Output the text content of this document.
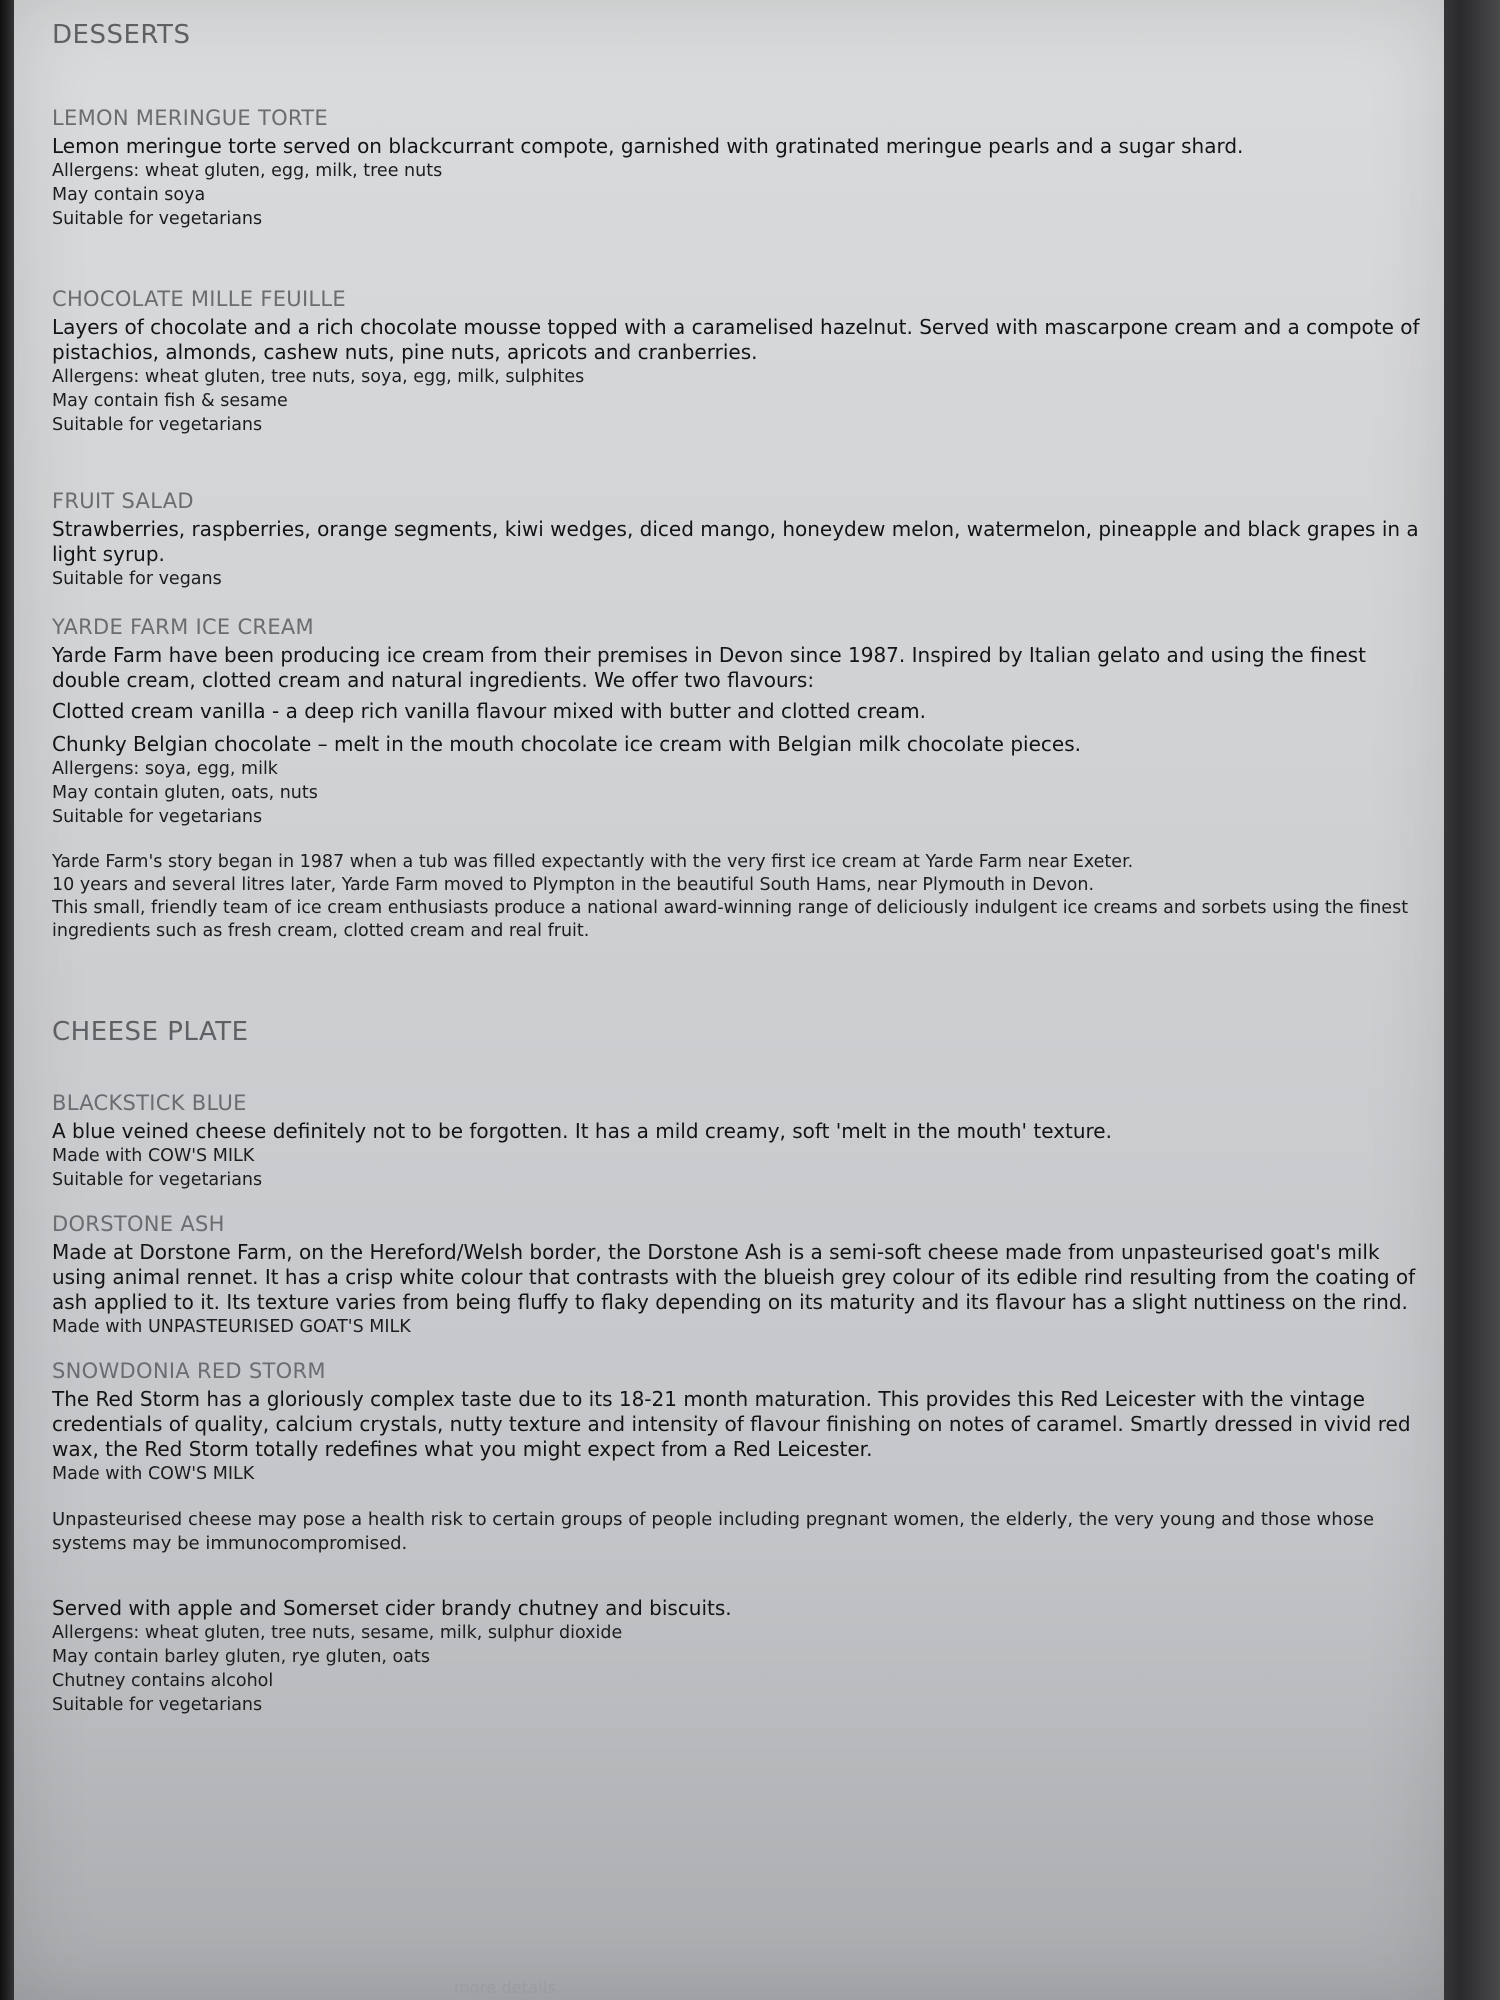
DESSERTS
LEMON MERINGUE TORTE

Lemon meringue torte served on blackcurrant compote, garnished with gratinated meringue pearls and a sugar shard.

Allergens: wheat gluten, egg, milk, tree nuts

May contain soya

Suitable for vegetarians

CHOCOLATE MILLE FEUILLE

Layers of chocolate and a rich chocolate mousse topped with a caramelised hazelnut. Served with mascarpone cream and a compote of pistachios, almonds, cashew nuts, pine nuts, apricots and cranberries.

Allergens: wheat gluten, tree nuts, soya, egg, milk, sulphites

May contain fish & sesame

Suitable for vegetarians

FRUIT SALAD

Strawberries, raspberries, orange segments, kiwi wedges, diced mango, honeydew melon, watermelon, pineapple and black grapes in a light syrup.

Suitable for vegans

YARDE FARM ICE CREAM

Yarde Farm have been producing ice cream from their premises in Devon since 1987. Inspired by Italian gelato and using the finest double cream, clotted cream and natural ingredients. We offer two flavours:

Clotted cream vanilla - a deep rich vanilla flavour mixed with butter and clotted cream.

Chunky Belgian chocolate – melt in the mouth chocolate ice cream with Belgian milk chocolate pieces.

Allergens: soya, egg, milk

May contain gluten, oats, nuts

Suitable for vegetarians

Yarde Farm's story began in 1987 when a tub was filled expectantly with the very first ice cream at Yarde Farm near Exeter.

10 years and several litres later, Yarde Farm moved to Plympton in the beautiful South Hams, near Plymouth in Devon.

This small, friendly team of ice cream enthusiasts produce a national award-winning range of deliciously indulgent ice creams and sorbets using the finest ingredients such as fresh cream, clotted cream and real fruit.

CHEESE PLATE
BLACKSTICK BLUE

A blue veined cheese definitely not to be forgotten. It has a mild creamy, soft 'melt in the mouth' texture.

Made with COW'S MILK

Suitable for vegetarians

DORSTONE ASH

Made at Dorstone Farm, on the Hereford/Welsh border, the Dorstone Ash is a semi-soft cheese made from unpasteurised goat's milk using animal rennet. It has a crisp white colour that contrasts with the blueish grey colour of its edible rind resulting from the coating of ash applied to it. Its texture varies from being fluffy to flaky depending on its maturity and its flavour has a slight nuttiness on the rind.

Made with UNPASTEURISED GOAT'S MILK

SNOWDONIA RED STORM

The Red Storm has a gloriously complex taste due to its 18-21 month maturation. This provides this Red Leicester with the vintage credentials of quality, calcium crystals, nutty texture and intensity of flavour finishing on notes of caramel. Smartly dressed in vivid red wax, the Red Storm totally redefines what you might expect from a Red Leicester.

Made with COW'S MILK

Unpasteurised cheese may pose a health risk to certain groups of people including pregnant women, the elderly, the very young and those whose systems may be immunocompromised.

Served with apple and Somerset cider brandy chutney and biscuits.

Allergens: wheat gluten, tree nuts, sesame, milk, sulphur dioxide

May contain barley gluten, rye gluten, oats

Chutney contains alcohol

Suitable for vegetarians

more details
